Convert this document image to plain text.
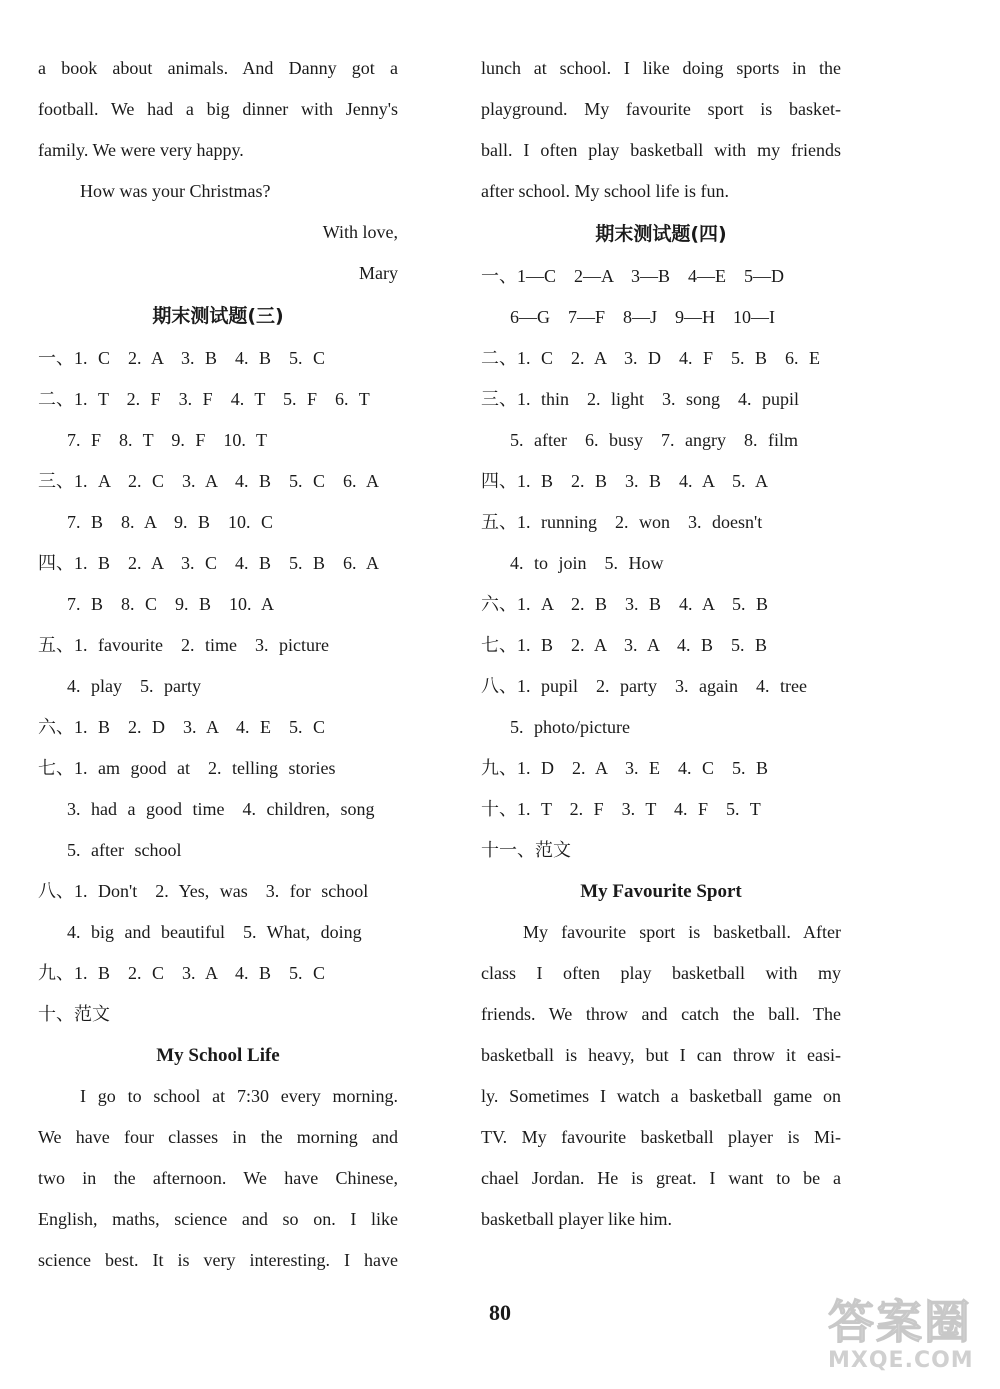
a book about animals. And Danny got a
football. We had a big dinner with Jenny's
family. We were very happy.
How was your Christmas?
With love,
Mary
期末测试题(三)
一、1. C　2. A　3. B　4. B　5. C
二、1. T　2. F　3. F　4. T　5. F　6. T
7. F　8. T　9. F　10. T
三、1. A　2. C　3. A　4. B　5. C　6. A
7. B　8. A　9. B　10. C
四、1. B　2. A　3. C　4. B　5. B　6. A
7. B　8. C　9. B　10. A
五、1. favourite　2. time　3. picture
4. play　5. party
六、1. B　2. D　3. A　4. E　5. C
七、1. am good at　2. telling stories
3. had a good time　4. children, song
5. after school
八、1. Don't　2. Yes, was　3. for school
4. big and beautiful　5. What, doing
九、1. B　2. C　3. A　4. B　5. C
十、范文
My School Life
I go to school at 7:30 every morning.
We have four classes in the morning and
two in the afternoon. We have Chinese,
English, maths, science and so on. I like
science best. It is very interesting. I have
lunch at school. I like doing sports in the
playground. My favourite sport is basket-
ball. I often play basketball with my friends
after school. My school life is fun.
期末测试题(四)
一、1—C　2—A　3—B　4—E　5—D
6—G　7—F　8—J　9—H　10—I
二、1. C　2. A　3. D　4. F　5. B　6. E
三、1. thin　2. light　3. song　4. pupil
5. after　6. busy　7. angry　8. film
四、1. B　2. B　3. B　4. A　5. A
五、1. running　2. won　3. doesn't
4. to join　5. How
六、1. A　2. B　3. B　4. A　5. B
七、1. B　2. A　3. A　4. B　5. B
八、1. pupil　2. party　3. again　4. tree
5. photo/picture
九、1. D　2. A　3. E　4. C　5. B
十、1. T　2. F　3. T　4. F　5. T
十一、范文
My Favourite Sport
My favourite sport is basketball. After
class I often play basketball with my
friends. We throw and catch the ball. The
basketball is heavy, but I can throw it easi-
ly. Sometimes I watch a basketball game on
TV. My favourite basketball player is Mi-
chael Jordan. He is great. I want to be a
basketball player like him.
80	答案圈
MXQE.COM
